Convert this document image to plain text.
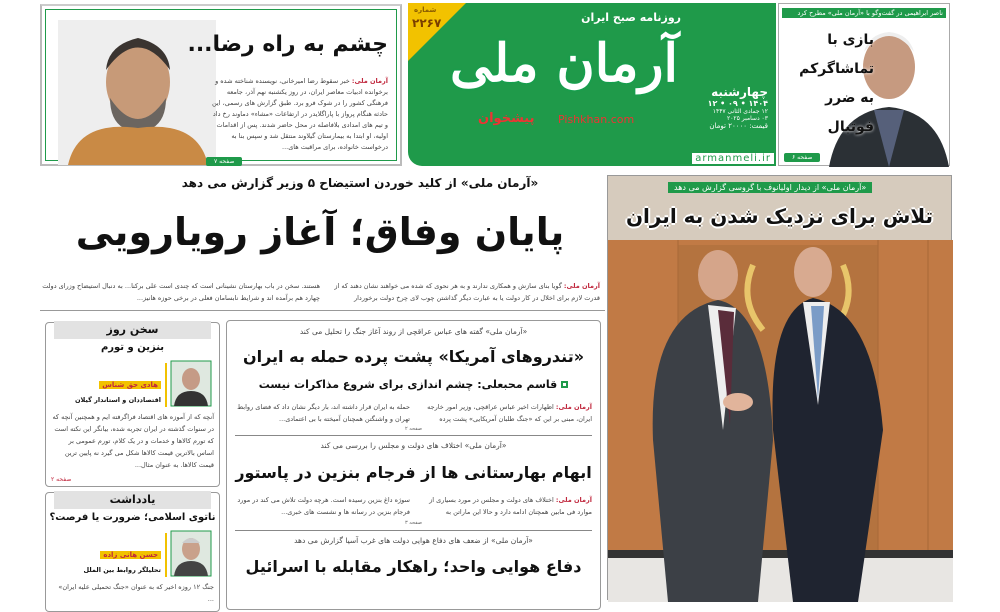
چشم به راه رضا...
آرمان ملی: خبر سقوط رضا امیرخانی، نویسنده شناخته شده و برخوانده ادبیات معاصر ایران، در روز یکشنبه نهم آذر، جامعه فرهنگی کشور را در شوک فرو برد. طبق گزارش های رسمی، این حادثه هنگام پرواز با پاراگلایدر در ارتفاعات «مشاء» دماوند رخ داد و تیم های امدادی بلافاصله در محل حاضر شدند. پس از اقدامات اولیه، او ابتدا به بیمارستان گیلاوند منتقل شد و سپس بنا به درخواست خانواده، برای مراقبت های...
صفحه ۷
شماره
۲۲۶۷	روزنامه صبح ایران
آرمان ملی
پیشخوان Pishkhan.com
چهارشنبه
۱۴۰۴ • ۰۹ • ۱۲
۱۲ جمادی الثانی ۱۴۴۷
۰۳ دسامبر ۲۰۲۵
قیمت: ۲۰۰۰۰ تومان
armanmeli.ir
ناصر ابراهیمی در گفت‌وگو با «آرمان ملی» مطرح کرد
بازی با
تماشاگرکم
به ضرر
فوتبال
صفحه ۶
«آرمان ملی» از کلید خوردن استیضاح ۵ وزیر گزارش می دهد
پایان وفاق؛ آغاز رویارویی
آرمان ملی: گویا بنای سازش و همکاری ندارند و به هر نحوی که شده می خواهند نشان دهند که از قدرت لازم برای اخلال در کار دولت یا به عبارت دیگر گذاشتن چوب لای چرخ دولت برخوردار
هستند. سخن در باب بهارستان نشینانی است که چندی است علی برکنا... به دنبال استیضاح وزرای دولت چهارد هم برآمده اند و شرایط نابسامان فعلی در برخی حوزه هانیز...
سخن روز
بنزین و تورم
هادی حق شناس
اقتصاددان و استاندار گیلان
آنچه که از آموزه های اقتصاد فراگرفته ایم و همچنین آنچه که در سنوات گذشته در ایران تجربه شده، بیانگر این نکته است که تورم کالاها و خدمات و در یک کلام، تورم عمومی بر اساس بالاترین قیمت کالاها شکل می گیرد نه پایین ترین قیمت کالاها. به عنوان مثال...
صفحه ۲
یادداشت
ناتوی اسلامی؛ ضرورت یا فرصت؟
حسن هانی زاده
تحلیلگر روابط بین الملل
جنگ ۱۲ روزه اخیر که به عنوان «جنگ تحمیلی علیه ایران» ...
«آرمان ملی» گفته های عباس عراقچی از روند آغاز جنگ را تحلیل می کند
«تندروهای آمریکا» پشت پرده حمله به ایران
قاسم محبعلی: چشم اندازی برای شروع مذاکرات نیست
آرمان ملی: اظهارات اخیر عباس عراقچی، وزیر امور خارجه ایران، مبنی بر این که «جنگ طلبان آمریکایی» پشت پرده
حمله به ایران قرار داشته اند، بار دیگر نشان داد که فضای روابط تهران و واشنگتن همچنان آمیخته با بی اعتمادی...
صفحه ۲
«آرمان ملی» اختلاف های دولت و مجلس را بررسی می کند
ابهام بهارستانی ها از فرجام بنزین در پاستور
آرمان ملی: اختلاف های دولت و مجلس در مورد بسیاری از موارد فی مابین همچنان ادامه دارد و حالا این ماراتن به
سوژه داغ بنزین رسیده است. هرچه دولت تلاش می کند در مورد فرجام بنزین در رسانه ها و نشست های خبری...
صفحه ۳
«آرمان ملی» از ضعف های دفاع هوایی دولت های غرب آسیا گزارش می دهد
دفاع هوایی واحد؛ راهکار مقابله با اسرائیل
«آرمان ملی» از دیدار اولیانوف با گروسی گزارش می دهد
تلاش برای نزدیک شدن به ایران
